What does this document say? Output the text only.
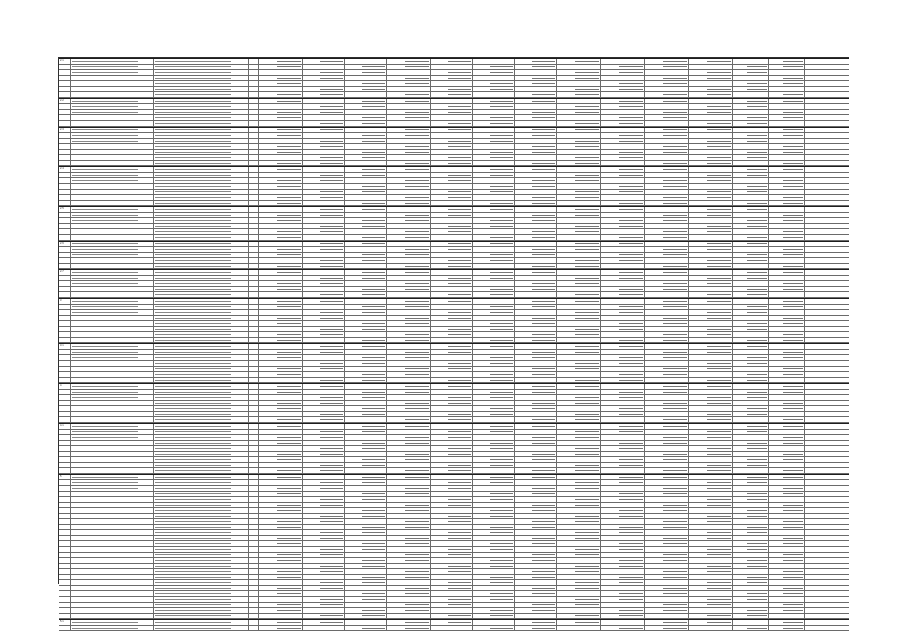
2.1
2.2
2.3
2.4
2.5
2.6
2.7
3
3.1
4
4.1
5
5.1
